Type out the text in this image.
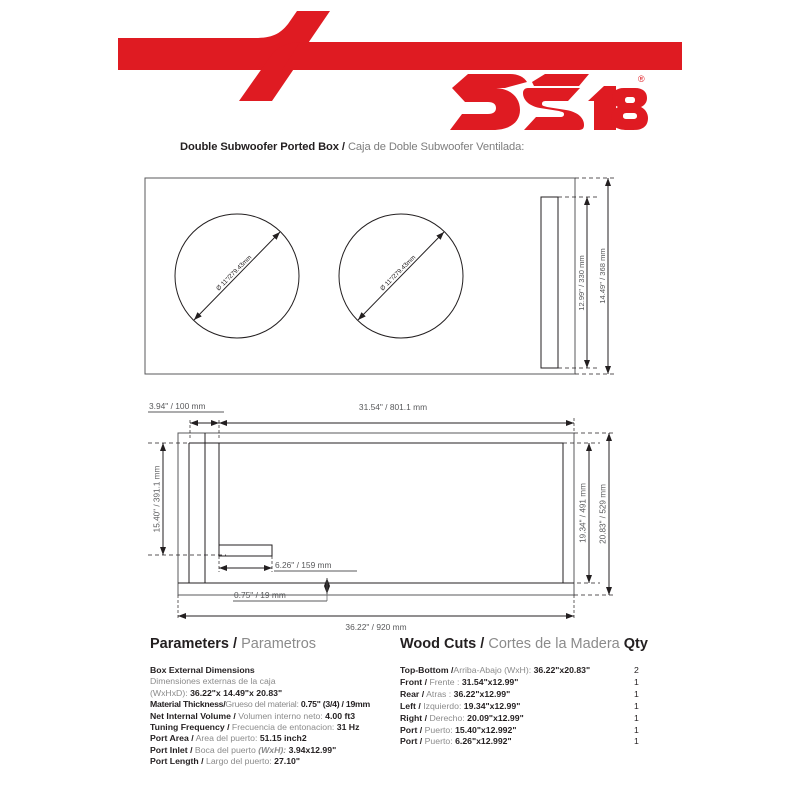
®
Double Subwoofer Ported Box / Caja de Doble Subwoofer Ventilada:
Ø 11"/279.43mm	Ø 11"/279.43mm	12.99" / 330 mm 14.49" / 368 mm
3.94" / 100 mm	31.54" / 801.1 mm
15.40" / 391.1 mm	19.34" / 491 mm 20.83" / 529 mm
6.26" / 159 mm
0.75" / 19 mm
36.22" / 920 mm
Parameters / Parametros
Box External Dimensions
Dimensiones externas de la caja
(WxHxD): 36.22"x 14.49"x 20.83"
Material Thickness/Grueso del material: 0.75" (3/4) / 19mm
Net Internal Volume / Volumen interno neto: 4.00 ft3
Tuning Frequency / Frecuencia de entonacion: 31 Hz
Port Area / Area del puerto: 51.15 inch2
Port Inlet / Boca del puerto (WxH): 3.94x12.99"
Port Length / Largo del puerto: 27.10"
Wood Cuts / Cortes de la Madera Qty
Top-Bottom /Arriba-Abajo (WxH): 36.22"x20.83"	2
Front / Frente : 31.54"x12.99"	1
Rear / Atras : 36.22"x12.99"	1
Left / Izquierdo: 19.34"x12.99"	1
Right / Derecho: 20.09"x12.99"	1
Port / Puerto: 15.40"x12.992"	1
Port / Puerto: 6.26"x12.992"	1
